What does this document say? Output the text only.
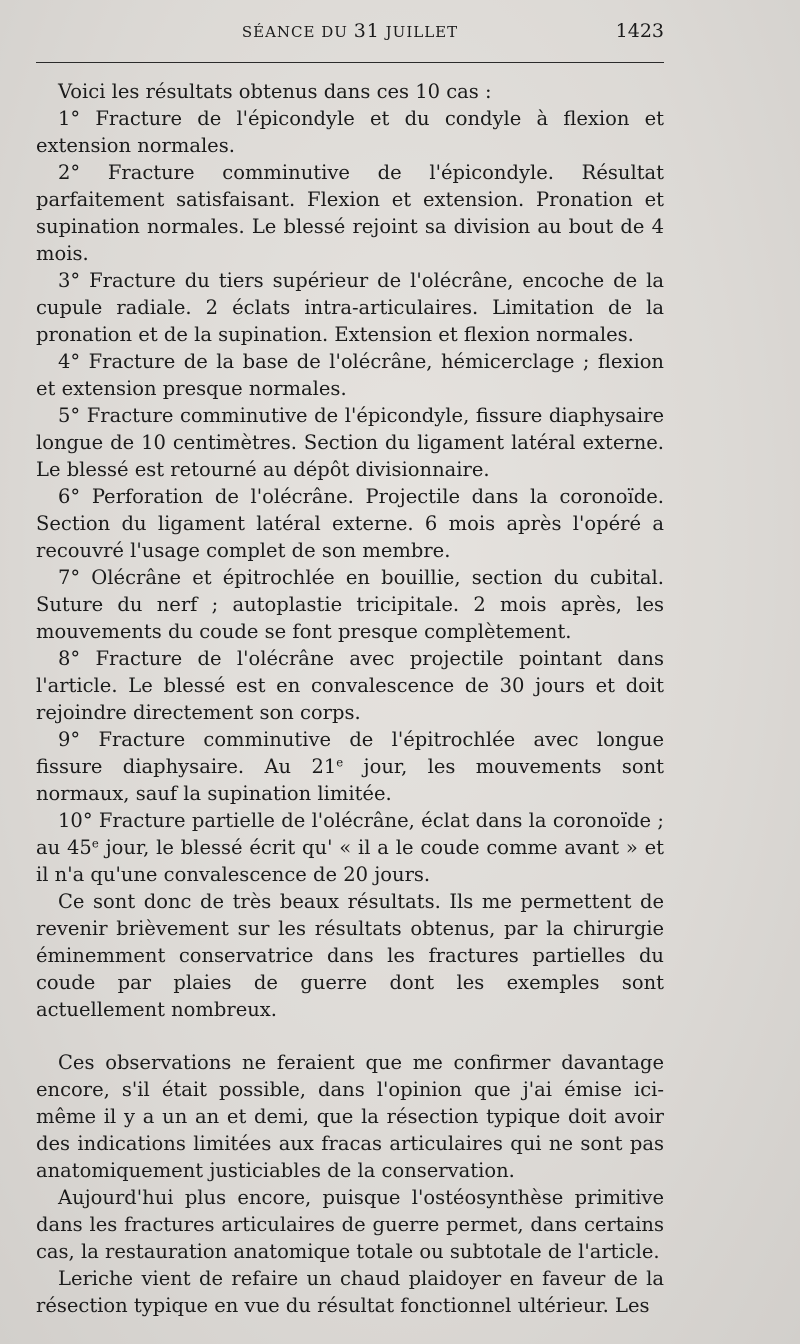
SÉANCE DU 31 JUILLET	1423

Voici les résultats obtenus dans ces 10 cas :

1° Fracture de l'épicondyle et du condyle à flexion et extension normales.

2° Fracture comminutive de l'épicondyle. Résultat parfaitement satisfaisant. Flexion et extension. Pronation et supination normales. Le blessé rejoint sa division au bout de 4 mois.

3° Fracture du tiers supérieur de l'olécrâne, encoche de la cupule radiale. 2 éclats intra-articulaires. Limitation de la pronation et de la supination. Extension et flexion normales.

4° Fracture de la base de l'olécrâne, hémicerclage ; flexion et extension presque normales.

5° Fracture comminutive de l'épicondyle, fissure diaphysaire longue de 10 centimètres. Section du ligament latéral externe. Le blessé est retourné au dépôt divisionnaire.

6° Perforation de l'olécrâne. Projectile dans la coronoïde. Section du ligament latéral externe. 6 mois après l'opéré a recouvré l'usage complet de son membre.

7° Olécrâne et épitrochlée en bouillie, section du cubital. Suture du nerf ; autoplastie tricipitale. 2 mois après, les mouvements du coude se font presque complètement.

8° Fracture de l'olécrâne avec projectile pointant dans l'article. Le blessé est en convalescence de 30 jours et doit rejoindre directement son corps.

9° Fracture comminutive de l'épitrochlée avec longue fissure diaphysaire. Au 21e jour, les mouvements sont normaux, sauf la supination limitée.

10° Fracture partielle de l'olécrâne, éclat dans la coronoïde ; au 45e jour, le blessé écrit qu' « il a le coude comme avant » et il n'a qu'une convalescence de 20 jours.

Ce sont donc de très beaux résultats. Ils me permettent de revenir brièvement sur les résultats obtenus, par la chirurgie éminemment conservatrice dans les fractures partielles du coude par plaies de guerre dont les exemples sont actuellement nombreux.

Ces observations ne feraient que me confirmer davantage encore, s'il était possible, dans l'opinion que j'ai émise ici-même il y a un an et demi, que la résection typique doit avoir des indications limitées aux fracas articulaires qui ne sont pas anatomiquement justiciables de la conservation.

Aujourd'hui plus encore, puisque l'ostéosynthèse primitive dans les fractures articulaires de guerre permet, dans certains cas, la restauration anatomique totale ou subtotale de l'article.

Leriche vient de refaire un chaud plaidoyer en faveur de la résection typique en vue du résultat fonctionnel ultérieur. Les
